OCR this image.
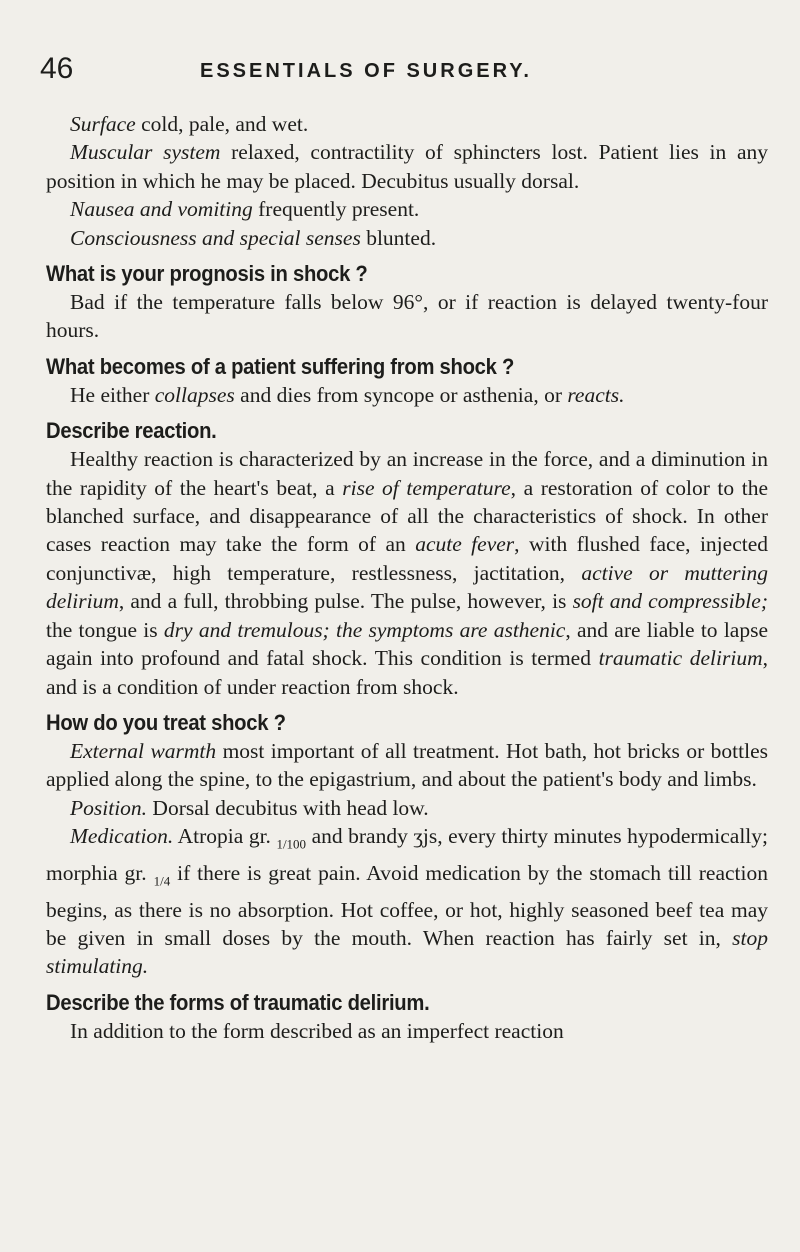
46	ESSENTIALS OF SURGERY.

Surface cold, pale, and wet.

Muscular system relaxed, contractility of sphincters lost. Patient lies in any position in which he may be placed. Decubitus usually dorsal.

Nausea and vomiting frequently present.

Consciousness and special senses blunted.

What is your prognosis in shock ?

Bad if the temperature falls below 96°, or if reaction is delayed twenty-four hours.

What becomes of a patient suffering from shock ?

He either collapses and dies from syncope or asthenia, or reacts.

Describe reaction.

Healthy reaction is characterized by an increase in the force, and a diminution in the rapidity of the heart's beat, a rise of temperature, a restoration of color to the blanched surface, and disappearance of all the characteristics of shock. In other cases reaction may take the form of an acute fever, with flushed face, injected conjunctivæ, high temperature, restlessness, jactitation, active or muttering delirium, and a full, throbbing pulse. The pulse, however, is soft and compressible; the tongue is dry and tremulous; the symptoms are asthenic, and are liable to lapse again into profound and fatal shock. This condition is termed traumatic delirium, and is a condition of under reaction from shock.

How do you treat shock ?

External warmth most important of all treatment. Hot bath, hot bricks or bottles applied along the spine, to the epigastrium, and about the patient's body and limbs.

Position. Dorsal decubitus with head low.

Medication. Atropia gr. $_{1/100}$ and brandy ʒjs, every thirty minutes hypodermically; morphia gr. $_{1/4}$ if there is great pain. Avoid medication by the stomach till reaction begins, as there is no absorption. Hot coffee, or hot, highly seasoned beef tea may be given in small doses by the mouth. When reaction has fairly set in, stop stimulating.

Describe the forms of traumatic delirium.

In addition to the form described as an imperfect reaction
